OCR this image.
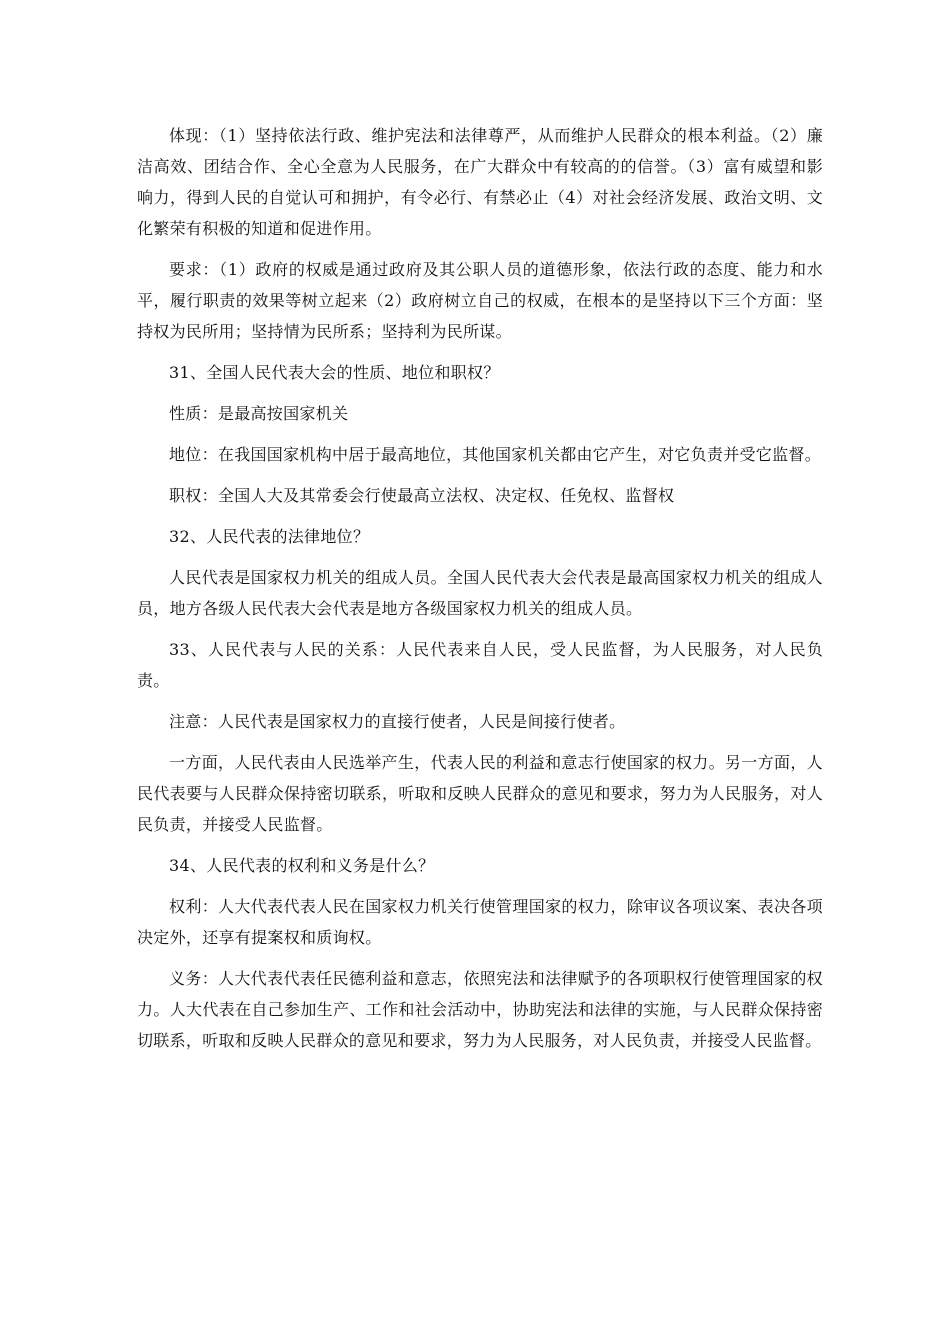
体现：（1）坚持依法行政、维护宪法和法律尊严，从而维护人民群众的根本利益。（2）廉洁高效、团结合作、全心全意为人民服务，在广大群众中有较高的的信誉。（3）富有威望和影响力，得到人民的自觉认可和拥护，有令必行、有禁必止（4）对社会经济发展、政治文明、文化繁荣有积极的知道和促进作用。

要求：（1）政府的权威是通过政府及其公职人员的道德形象，依法行政的态度、能力和水平，履行职责的效果等树立起来（2）政府树立自己的权威，在根本的是坚持以下三个方面：坚持权为民所用；坚持情为民所系；坚持利为民所谋。

31、全国人民代表大会的性质、地位和职权？

性质：是最高按国家机关

地位：在我国国家机构中居于最高地位，其他国家机关都由它产生，对它负责并受它监督。

职权：全国人大及其常委会行使最高立法权、决定权、任免权、监督权

32、人民代表的法律地位？

人民代表是国家权力机关的组成人员。全国人民代表大会代表是最高国家权力机关的组成人员，地方各级人民代表大会代表是地方各级国家权力机关的组成人员。

33、人民代表与人民的关系：人民代表来自人民，受人民监督，为人民服务，对人民负责。

注意：人民代表是国家权力的直接行使者，人民是间接行使者。

一方面，人民代表由人民选举产生，代表人民的利益和意志行使国家的权力。另一方面，人民代表要与人民群众保持密切联系，听取和反映人民群众的意见和要求，努力为人民服务，对人民负责，并接受人民监督。

34、人民代表的权利和义务是什么？

权利：人大代表代表人民在国家权力机关行使管理国家的权力，除审议各项议案、表决各项决定外，还享有提案权和质询权。

义务：人大代表代表任民德利益和意志，依照宪法和法律赋予的各项职权行使管理国家的权力。人大代表在自己参加生产、工作和社会活动中，协助宪法和法律的实施，与人民群众保持密切联系，听取和反映人民群众的意见和要求，努力为人民服务，对人民负责，并接受人民监督。
